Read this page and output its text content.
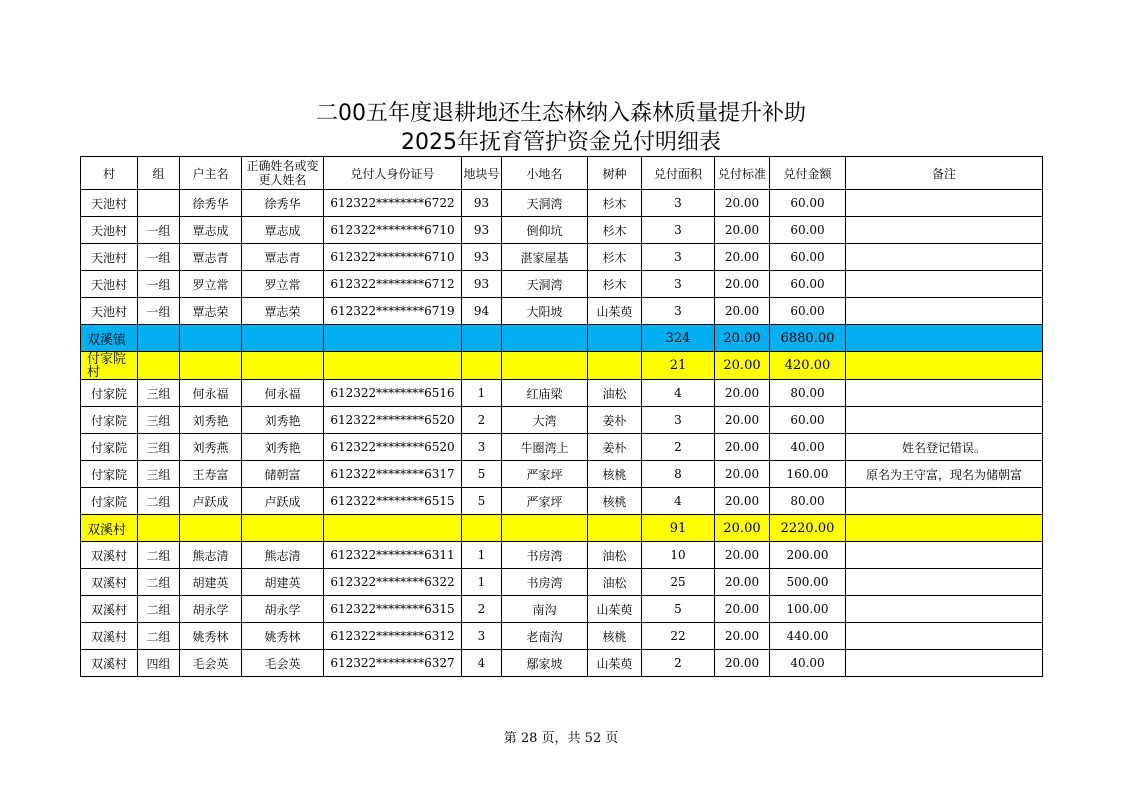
二00五年度退耕地还生态林纳入森林质量提升补助
2025年抚育管护资金兑付明细表
村	组	户主名	正确姓名或变更人姓名	兑付人身份证号	地块号	小地名	树种	兑付面积	兑付标准	兑付金额	备注
天池村		徐秀华	徐秀华	612322********6722	93	天洞湾	杉木	3	20.00	60.00	
天池村	一组	覃志成	覃志成	612322********6710	93	倒仰坑	杉木	3	20.00	60.00	
天池村	一组	覃志青	覃志青	612322********6710	93	湛家屋基	杉木	3	20.00	60.00	
天池村	一组	罗立常	罗立常	612322********6712	93	天洞湾	杉木	3	20.00	60.00	
天池村	一组	覃志荣	覃志荣	612322********6719	94	大阳坡	山茱萸	3	20.00	60.00	
双溪镇								324	20.00	6880.00	
付家院村								21	20.00	420.00	
付家院	三组	何永福	何永福	612322********6516	1	红庙梁	油松	4	20.00	80.00	
付家院	三组	刘秀艳	刘秀艳	612322********6520	2	大湾	姜朴	3	20.00	60.00	
付家院	三组	刘秀燕	刘秀艳	612322********6520	3	牛圈湾上	姜朴	2	20.00	40.00	姓名登记错误。
付家院	三组	王寿富	储朝富	612322********6317	5	严家坪	核桃	8	20.00	160.00	原名为王守富，现名为储朝富
付家院	二组	卢跃成	卢跃成	612322********6515	5	严家坪	核桃	4	20.00	80.00	
双溪村								91	20.00	2220.00	
双溪村	二组	熊志清	熊志清	612322********6311	1	书房湾	油松	10	20.00	200.00	
双溪村	二组	胡建英	胡建英	612322********6322	1	书房湾	油松	25	20.00	500.00	
双溪村	二组	胡永学	胡永学	612322********6315	2	南沟	山茱萸	5	20.00	100.00	
双溪村	二组	姚秀林	姚秀林	612322********6312	3	老南沟	核桃	22	20.00	440.00	
双溪村	四组	毛会英	毛会英	612322********6327	4	鄢家坡	山茱萸	2	20.00	40.00	
第 28 页，共 52 页
